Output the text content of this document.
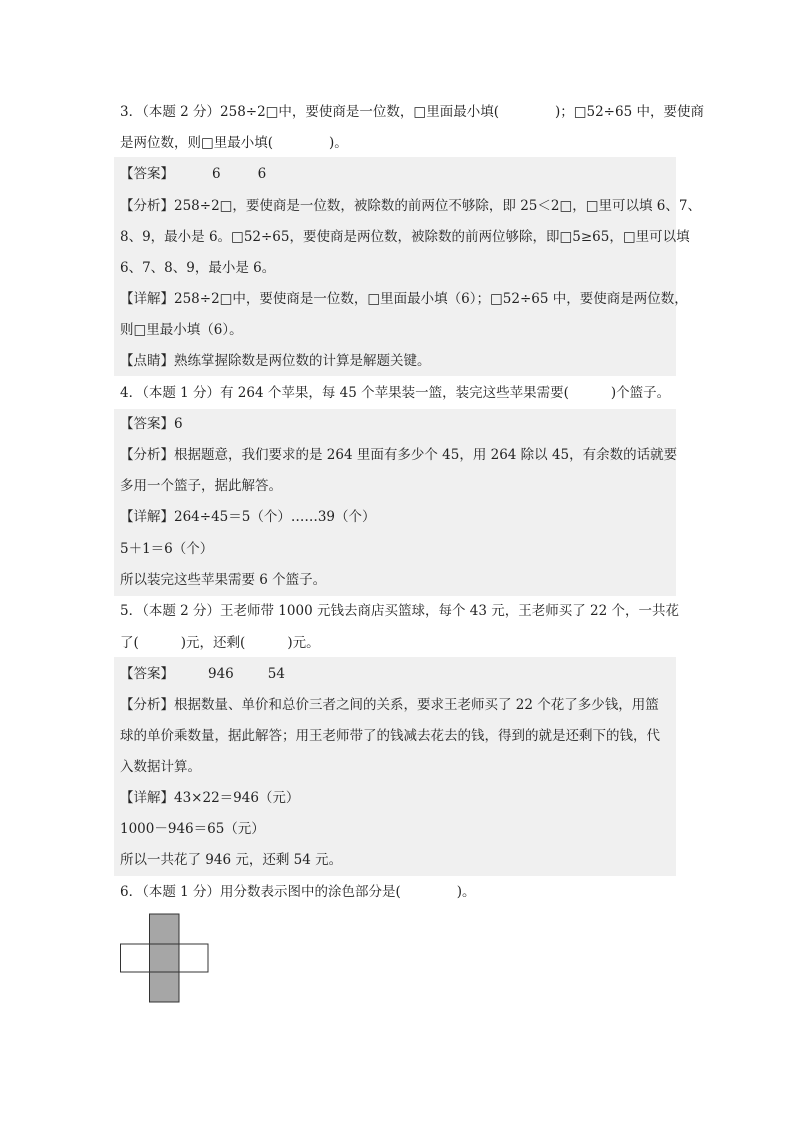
3．（本题 2 分）258÷2□中，要使商是一位数，□里面最小填(	)；□52÷65 中，要使商
是两位数，则□里最小填(	)。
【答案】	6	6
【分析】258÷2□，要使商是一位数，被除数的前两位不够除，即 25＜2□，□里可以填 6、7、
8、9，最小是 6。□52÷65，要使商是两位数，被除数的前两位够除，即□5≥65，□里可以填
6、7、8、9，最小是 6。
【详解】258÷2□中，要使商是一位数，□里面最小填（6）；□52÷65 中，要使商是两位数，
则□里最小填（6）。
【点睛】熟练掌握除数是两位数的计算是解题关键。
4．（本题 1 分）有 264 个苹果，每 45 个苹果装一篮，装完这些苹果需要(	)个篮子。
【答案】6
【分析】根据题意，我们要求的是 264 里面有多少个 45，用 264 除以 45，有余数的话就要
多用一个篮子，据此解答。
【详解】264÷45＝5（个）……39（个）
5＋1＝6（个）
所以装完这些苹果需要 6 个篮子。
5．（本题 2 分）王老师带 1000 元钱去商店买篮球，每个 43 元，王老师买了 22 个，一共花
了(	)元，还剩(	)元。
【答案】	946	54
【分析】根据数量、单价和总价三者之间的关系，要求王老师买了 22 个花了多少钱，用篮
球的单价乘数量，据此解答；用王老师带了的钱减去花去的钱，得到的就是还剩下的钱，代
入数据计算。
【详解】43×22＝946（元）
1000－946＝65（元）
所以一共花了 946 元，还剩 54 元。
6．（本题 1 分）用分数表示图中的涂色部分是(	)。
